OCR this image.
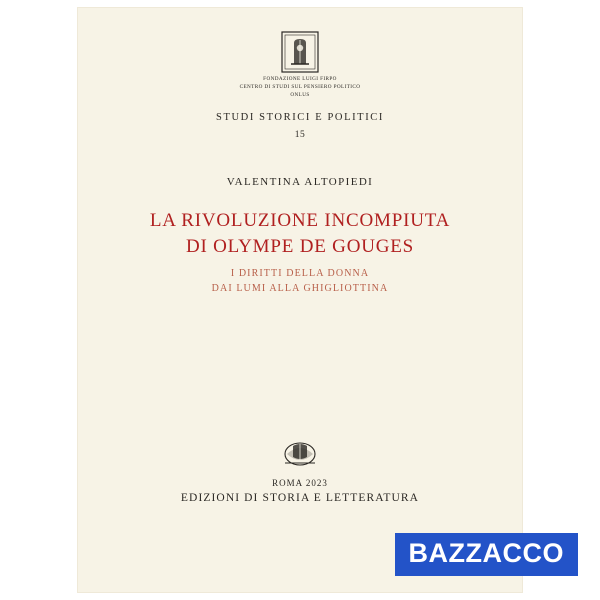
FONDAZIONE LUIGI FIRPO
CENTRO DI STUDI SUL PENSIERO POLITICO
ONLUS
STUDI STORICI E POLITICI
15
VALENTINA ALTOPIEDI
LA RIVOLUZIONE INCOMPIUTA
DI OLYMPE DE GOUGES
I DIRITTI DELLA DONNA
DAI LUMI ALLA GHIGLIOTTINA
ROMA 2023
EDIZIONI DI STORIA E LETTERATURA
BAZZACCO
